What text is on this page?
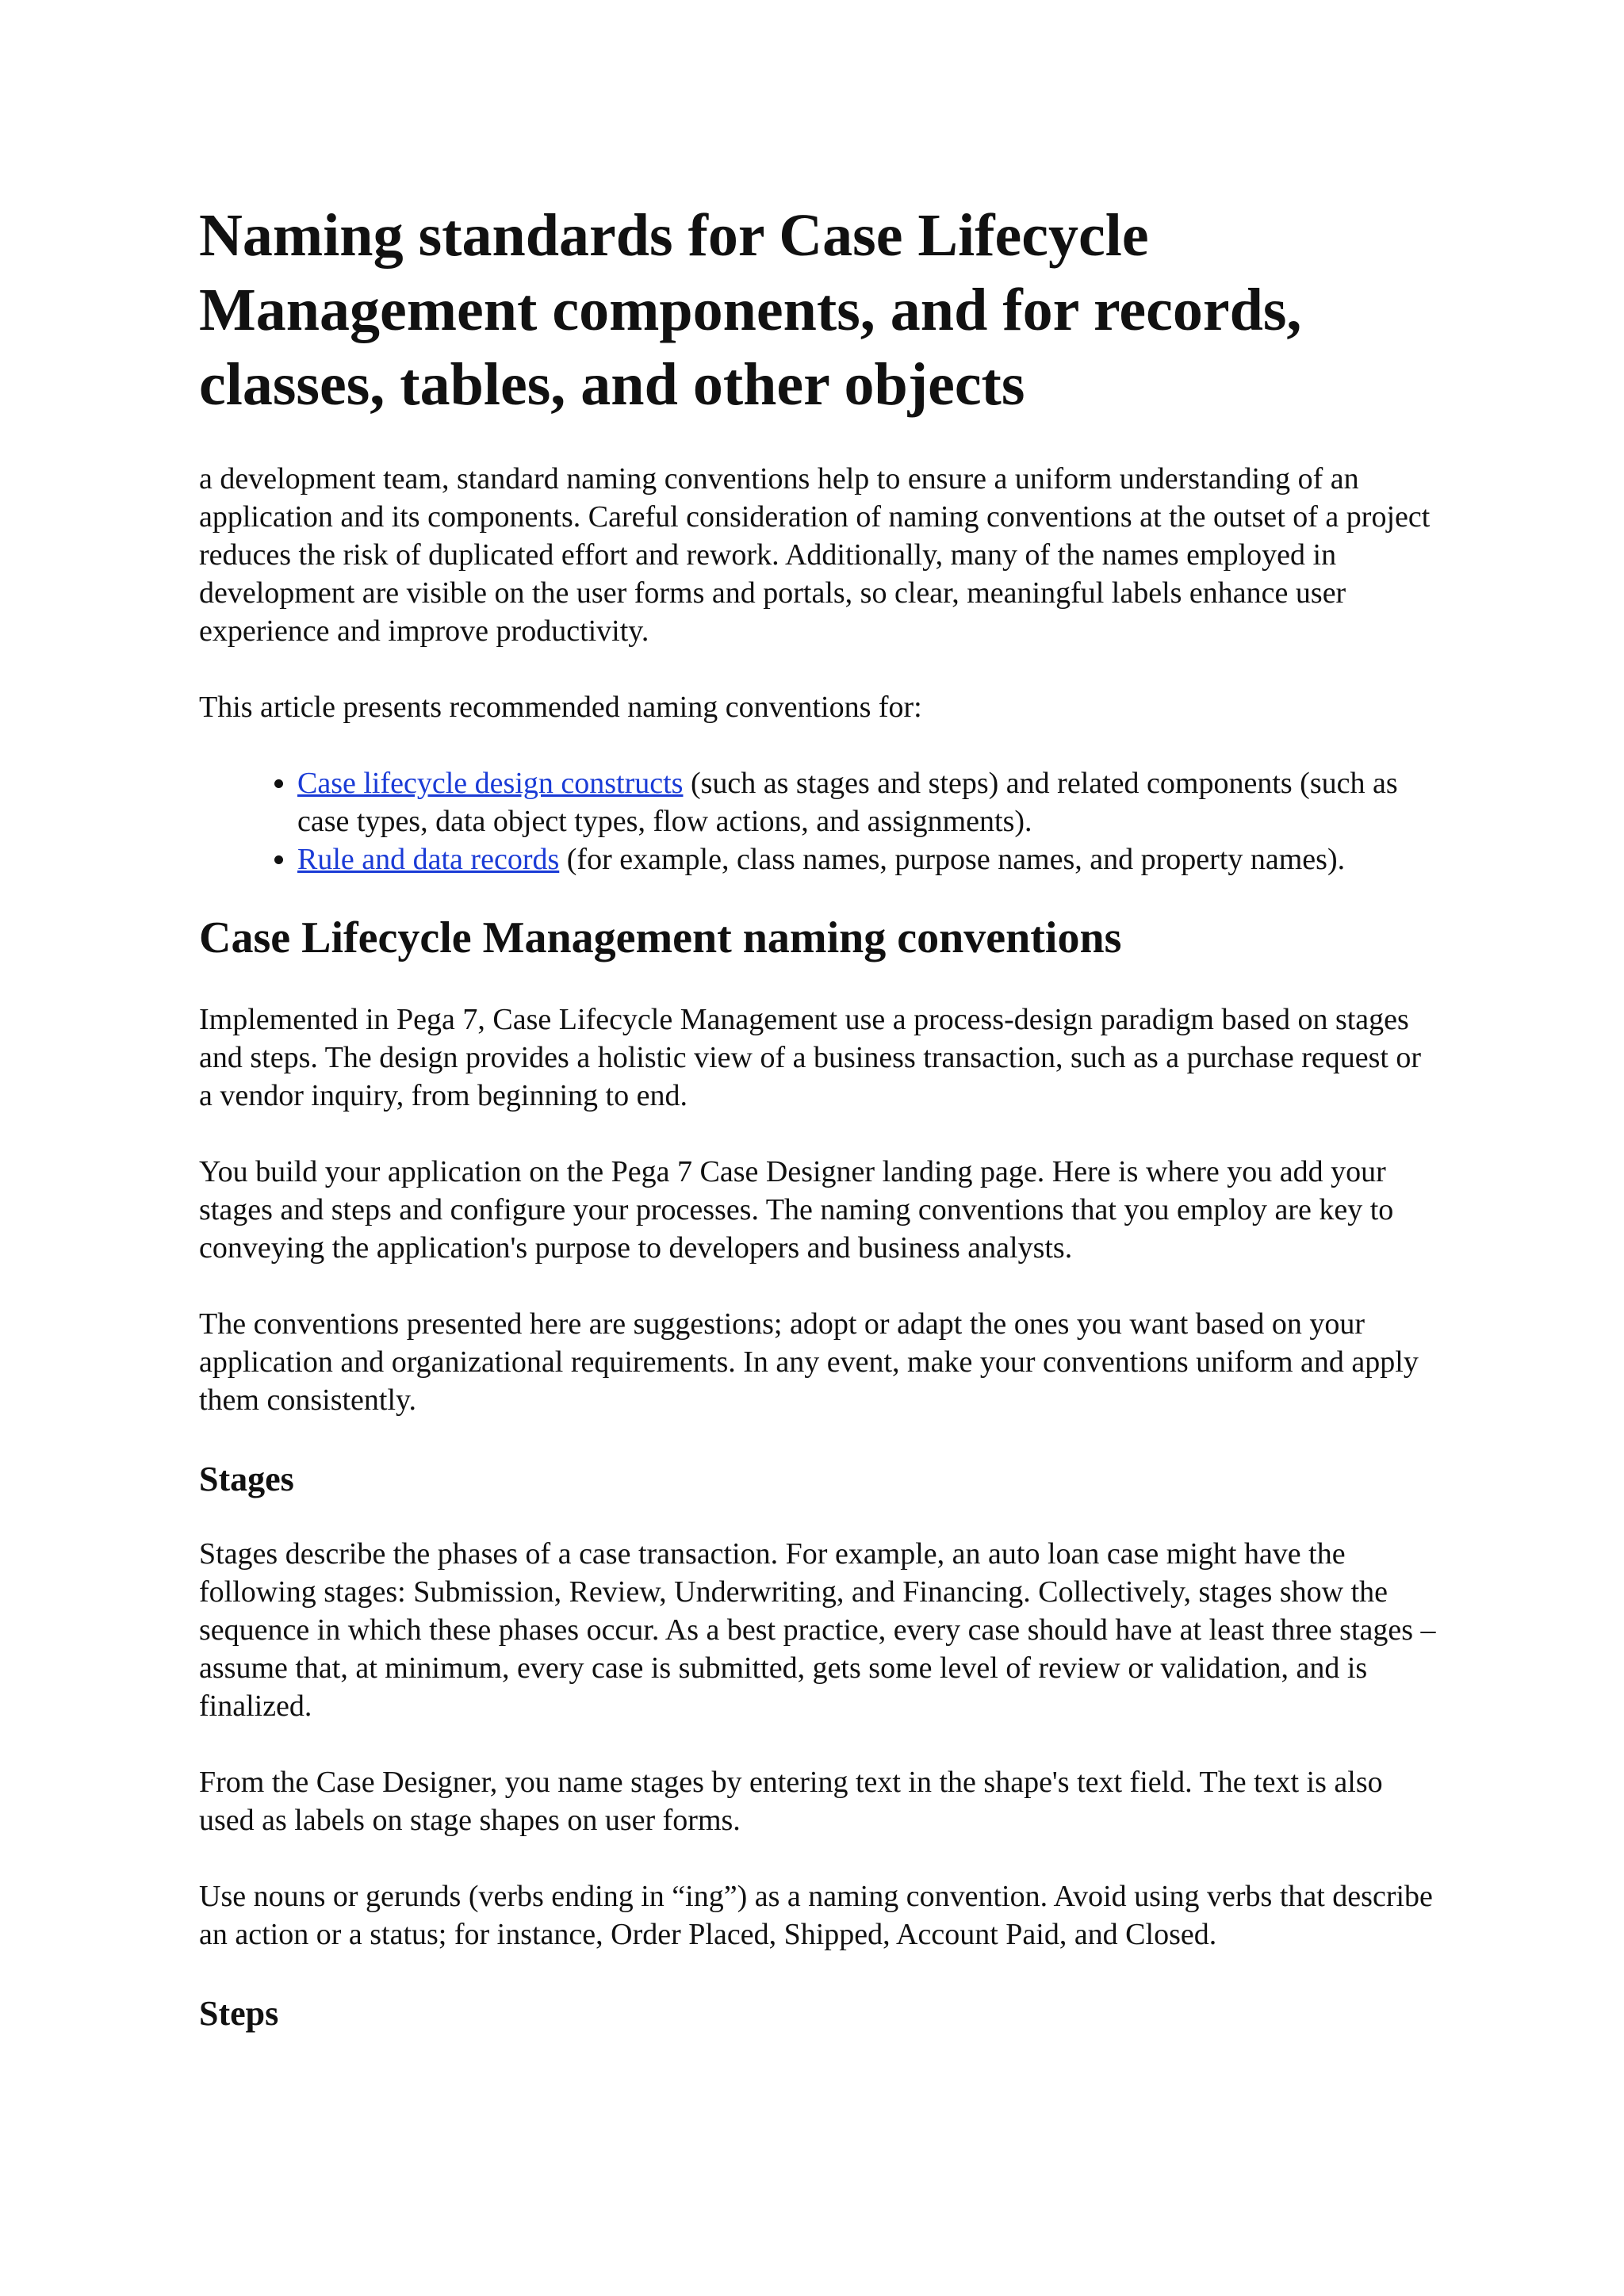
Naming standards for Case Lifecycle Management components, and for records, classes, tables, and other objects

a development team, standard naming conventions help to ensure a uniform understanding of an application and its components. Careful consideration of naming conventions at the outset of a project reduces the risk of duplicated effort and rework. Additionally, many of the names employed in development are visible on the user forms and portals, so clear, meaningful labels enhance user experience and improve productivity.

This article presents recommended naming conventions for:

• Case lifecycle design constructs (such as stages and steps) and related components (such as case types, data object types, flow actions, and assignments).
• Rule and data records (for example, class names, purpose names, and property names).
Case Lifecycle Management naming conventions

Implemented in Pega 7, Case Lifecycle Management use a process-design paradigm based on stages and steps. The design provides a holistic view of a business transaction, such as a purchase request or a vendor inquiry, from beginning to end.

You build your application on the Pega 7 Case Designer landing page. Here is where you add your stages and steps and configure your processes. The naming conventions that you employ are key to conveying the application's purpose to developers and business analysts.

The conventions presented here are suggestions; adopt or adapt the ones you want based on your application and organizational requirements. In any event, make your conventions uniform and apply them consistently.

Stages

Stages describe the phases of a case transaction. For example, an auto loan case might have the following stages: Submission, Review, Underwriting, and Financing. Collectively, stages show the sequence in which these phases occur. As a best practice, every case should have at least three stages – assume that, at minimum, every case is submitted, gets some level of review or validation, and is finalized.

From the Case Designer, you name stages by entering text in the shape's text field. The text is also used as labels on stage shapes on user forms.

Use nouns or gerunds (verbs ending in “ing”) as a naming convention. Avoid using verbs that describe an action or a status; for instance, Order Placed, Shipped, Account Paid, and Closed.

Steps
